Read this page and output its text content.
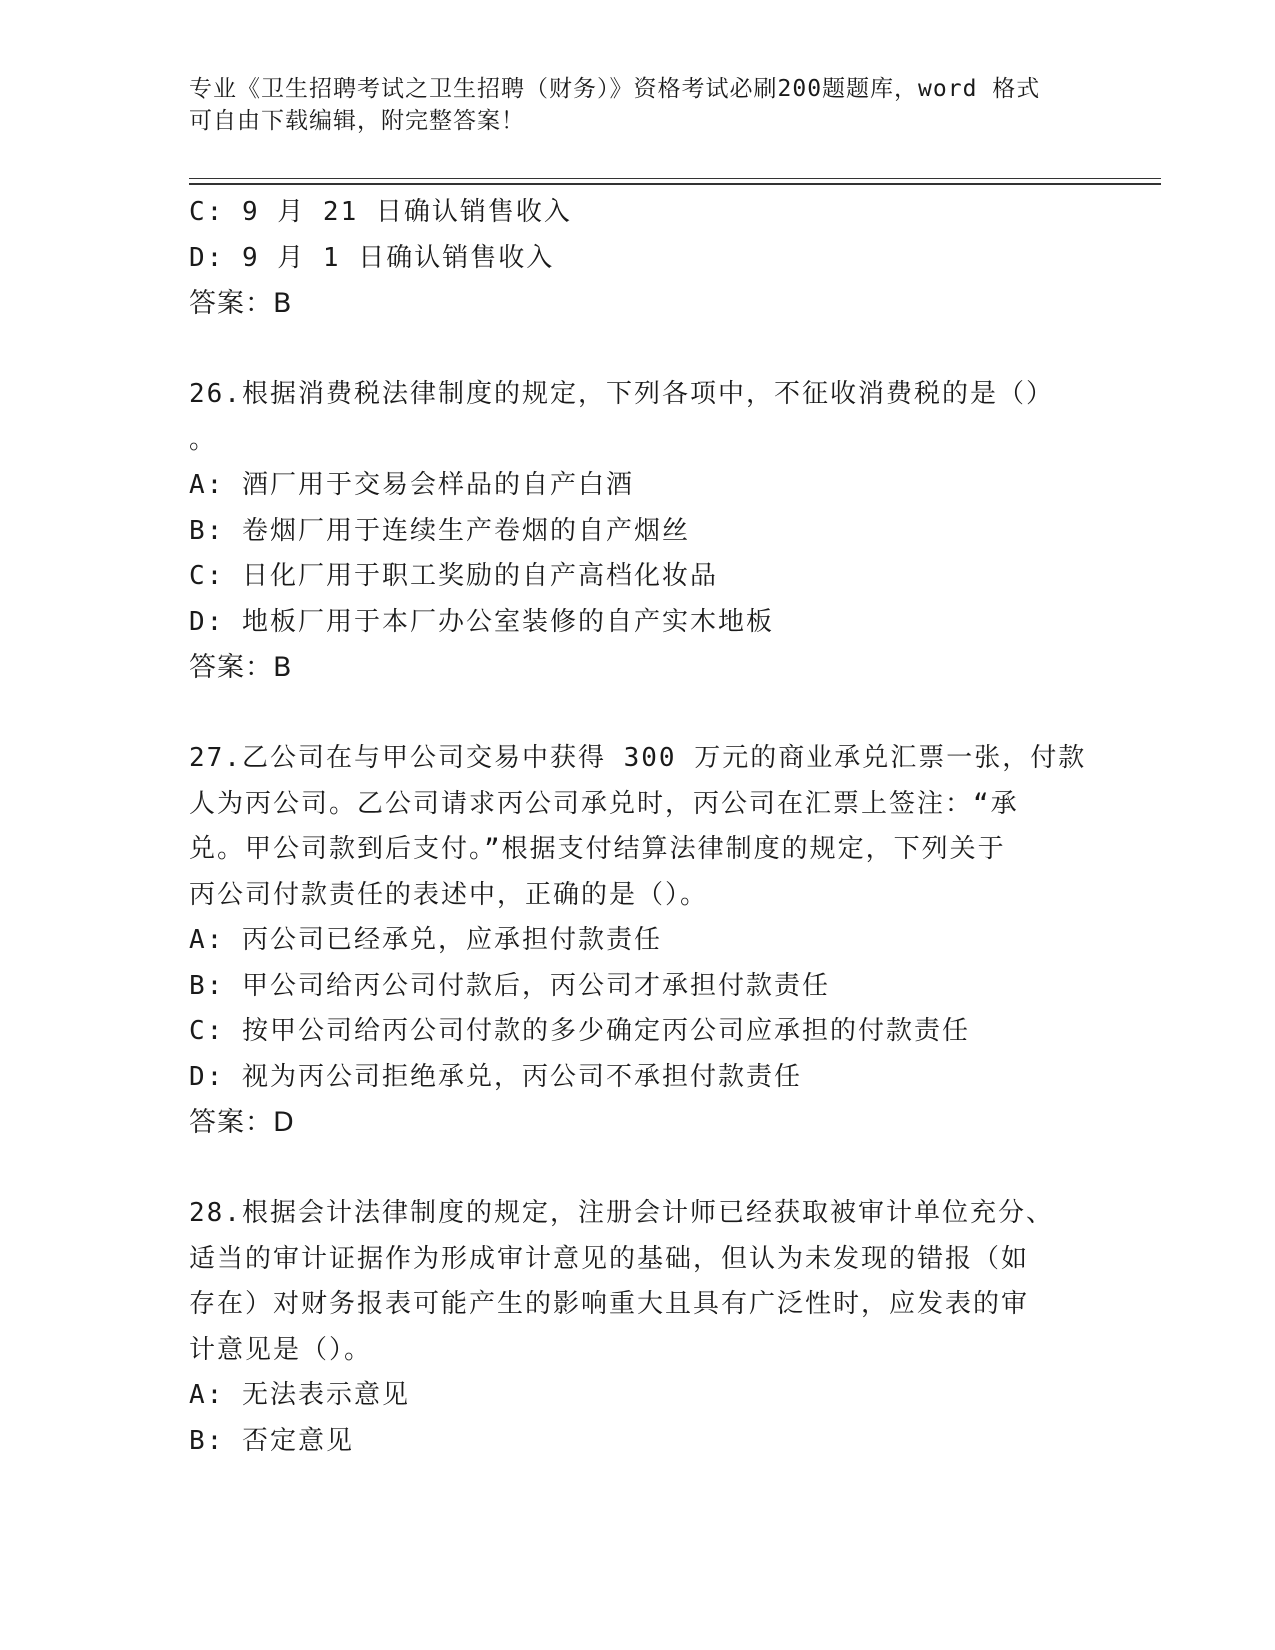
专业《卫生招聘考试之卫生招聘（财务）》资格考试必刷200题题库，word 格式
可自由下载编辑，附完整答案！
C: 9 月 21 日确认销售收入
D: 9 月 1 日确认销售收入
答案：B
26.根据消费税法律制度的规定，下列各项中，不征收消费税的是（）
。
A: 酒厂用于交易会样品的自产白酒
B: 卷烟厂用于连续生产卷烟的自产烟丝
C: 日化厂用于职工奖励的自产高档化妆品
D: 地板厂用于本厂办公室装修的自产实木地板
答案：B
27.乙公司在与甲公司交易中获得 300 万元的商业承兑汇票一张，付款
人为丙公司。乙公司请求丙公司承兑时，丙公司在汇票上签注：“承
兑。甲公司款到后支付。”根据支付结算法律制度的规定，下列关于
丙公司付款责任的表述中，正确的是（）。
A: 丙公司已经承兑，应承担付款责任
B: 甲公司给丙公司付款后，丙公司才承担付款责任
C: 按甲公司给丙公司付款的多少确定丙公司应承担的付款责任
D: 视为丙公司拒绝承兑，丙公司不承担付款责任
答案：D
28.根据会计法律制度的规定，注册会计师已经获取被审计单位充分、
适当的审计证据作为形成审计意见的基础，但认为未发现的错报（如
存在）对财务报表可能产生的影响重大且具有广泛性时，应发表的审
计意见是（）。
A: 无法表示意见
B: 否定意见
